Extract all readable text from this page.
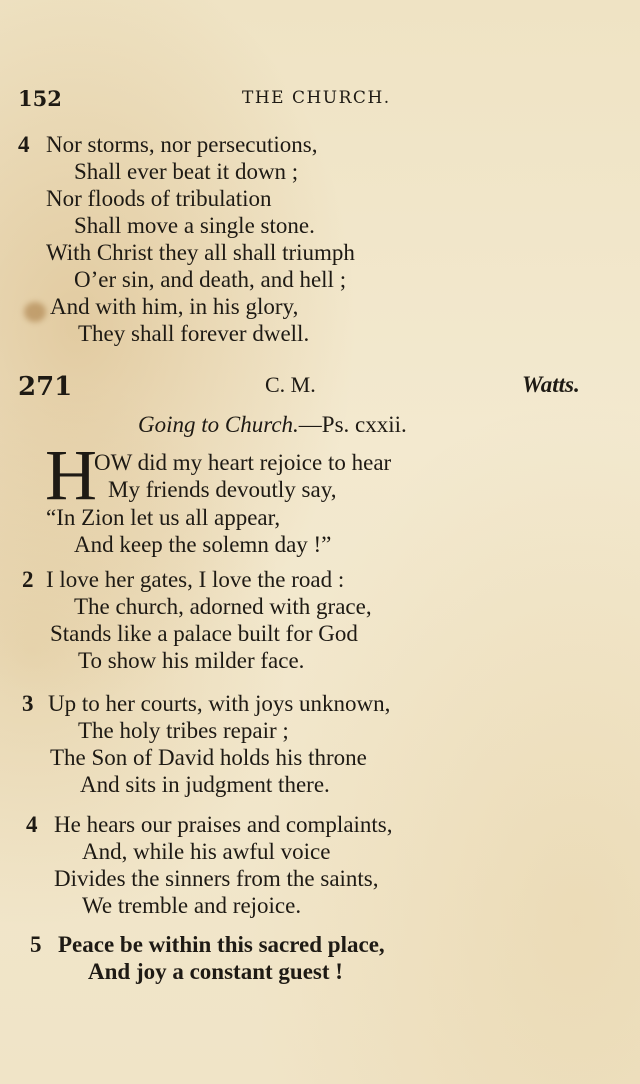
152	THE CHURCH.
4 Nor storms, nor persecutions,
Shall ever beat it down ;
Nor floods of tribulation
Shall move a single stone.
With Christ they all shall triumph
O’er sin, and death, and hell ;
And with him, in his glory,
They shall forever dwell.
271	C. M.	Watts.
Going to Church.—Ps. cxxii.
H
OW did my heart rejoice to hear
My friends devoutly say,
“In Zion let us all appear,
And keep the solemn day !”
2 I love her gates, I love the road :
The church, adorned with grace,
Stands like a palace built for God
To show his milder face.
3 Up to her courts, with joys unknown,
The holy tribes repair ;
The Son of David holds his throne
And sits in judgment there.
4 He hears our praises and complaints,
And, while his awful voice
Divides the sinners from the saints,
We tremble and rejoice.
5 Peace be within this sacred place,
And joy a constant guest !
